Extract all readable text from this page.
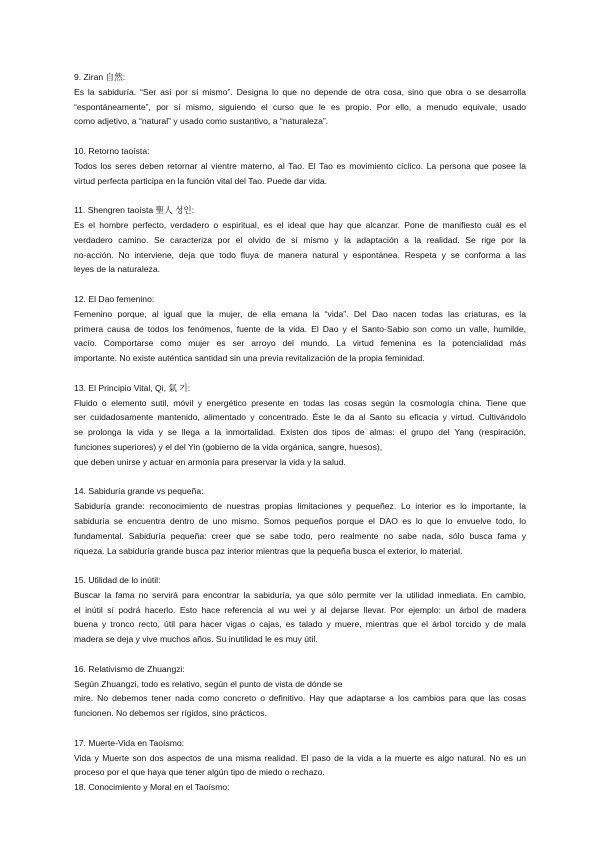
9. Ziran 自然:
Es la sabiduría. “Ser así por sí mismo”. Designa lo que no depende de otra cosa, sino que obra o se desarrolla
“espontáneamente”, por sí mismo, siguiendo el curso que le es propio. Por ello, a menudo equivale, usado
como adjetivo, a “natural” y usado como sustantivo, a “naturaleza”.
10. Retorno taoísta:
Todos los seres deben retornar al vientre materno, al Tao. El Tao es movimiento cíclico. La persona que posee la
virtud perfecta participa en la función vital del Tao. Puede dar vida.
11. Shengren taoísta 聖人 성인:
Es el hombre perfecto, verdadero o espiritual, es el ideal que hay que alcanzar. Pone de manifiesto cuál es el
verdadero camino. Se caracteriza por el olvido de sí mismo y la adaptación a la realidad. Se rige por la
no-acción. No interviene, deja que todo fluya de manera natural y espontánea. Respeta y se conforma a las
leyes de la naturaleza.
12. El Dao femenino:
Femenino porque, al igual que la mujer, de ella emana la “vida”. Del Dao nacen todas las criaturas, es la
primera causa de todos los fenómenos, fuente de la vida. El Dao y el Santo-Sabio son como un valle, humilde,
vacío. Comportarse como mujer es ser arroyo del mundo. La virtud femenina es la potencialidad más
importante. No existe auténtica santidad sin una previa revitalización de la propia feminidad.
13. El Principio Vital, Qi, 氣 기:
Fluido o elemento sutil, móvil y energético presente en todas las cosas según la cosmología china. Tiene que
ser cuidadosamente mantenido, alimentado y concentrado. Éste le da al Santo su eficacia y virtud. Cultivándolo
se prolonga la vida y se llega a la inmortalidad. Existen dos tipos de almas: el grupo del Yang (respiración,
funciones superiores) y el del Yin (gobierno de la vida orgánica, sangre, huesos),
que deben unirse y actuar en armonía para preservar la vida y la salud.
14. Sabiduría grande vs pequeña:
Sabiduría grande: reconocimiento de nuestras propias limitaciones y pequeñez. Lo interior es lo importante, la
sabiduría se encuentra dentro de uno mismo. Somos pequeños porque el DAO es lo que lo envuelve todo, lo
fundamental. Sabiduría pequeña: creer que se sabe todo, pero realmente no sabe nada, sólo busca fama y
riqueza. La sabiduría grande busca paz interior mientras que la pequeña busca el exterior, lo material.
15. Utilidad de lo inútil:
Buscar la fama no servirá para encontrar la sabiduría, ya que sólo permite ver la utilidad inmediata. En cambio,
el inútil sí podrá hacerlo. Esto hace referencia al wu wei y al dejarse llevar. Por ejemplo: un árbol de madera
buena y tronco recto, útil para hacer vigas o cajas, es talado y muere, mientras que el árbol torcido y de mala
madera se deja y vive muchos años. Su inutilidad le es muy útil.
16. Relativismo de Zhuangzi:
Según Zhuangzi, todo es relativo, según el punto de vista de dónde se
mire. No debemos tener nada como concreto o definitivo. Hay que adaptarse a los cambios para que las cosas
funcionen. No debemos ser rígidos, sino prácticos.
17. Muerte-Vida en Taoísmo:
Vida y Muerte son dos aspectos de una misma realidad. El paso de la vida a la muerte es algo natural. No es un
proceso por el que haya que tener algún tipo de miedo o rechazo.
18. Conocimiento y Moral en el Taoísmo:
